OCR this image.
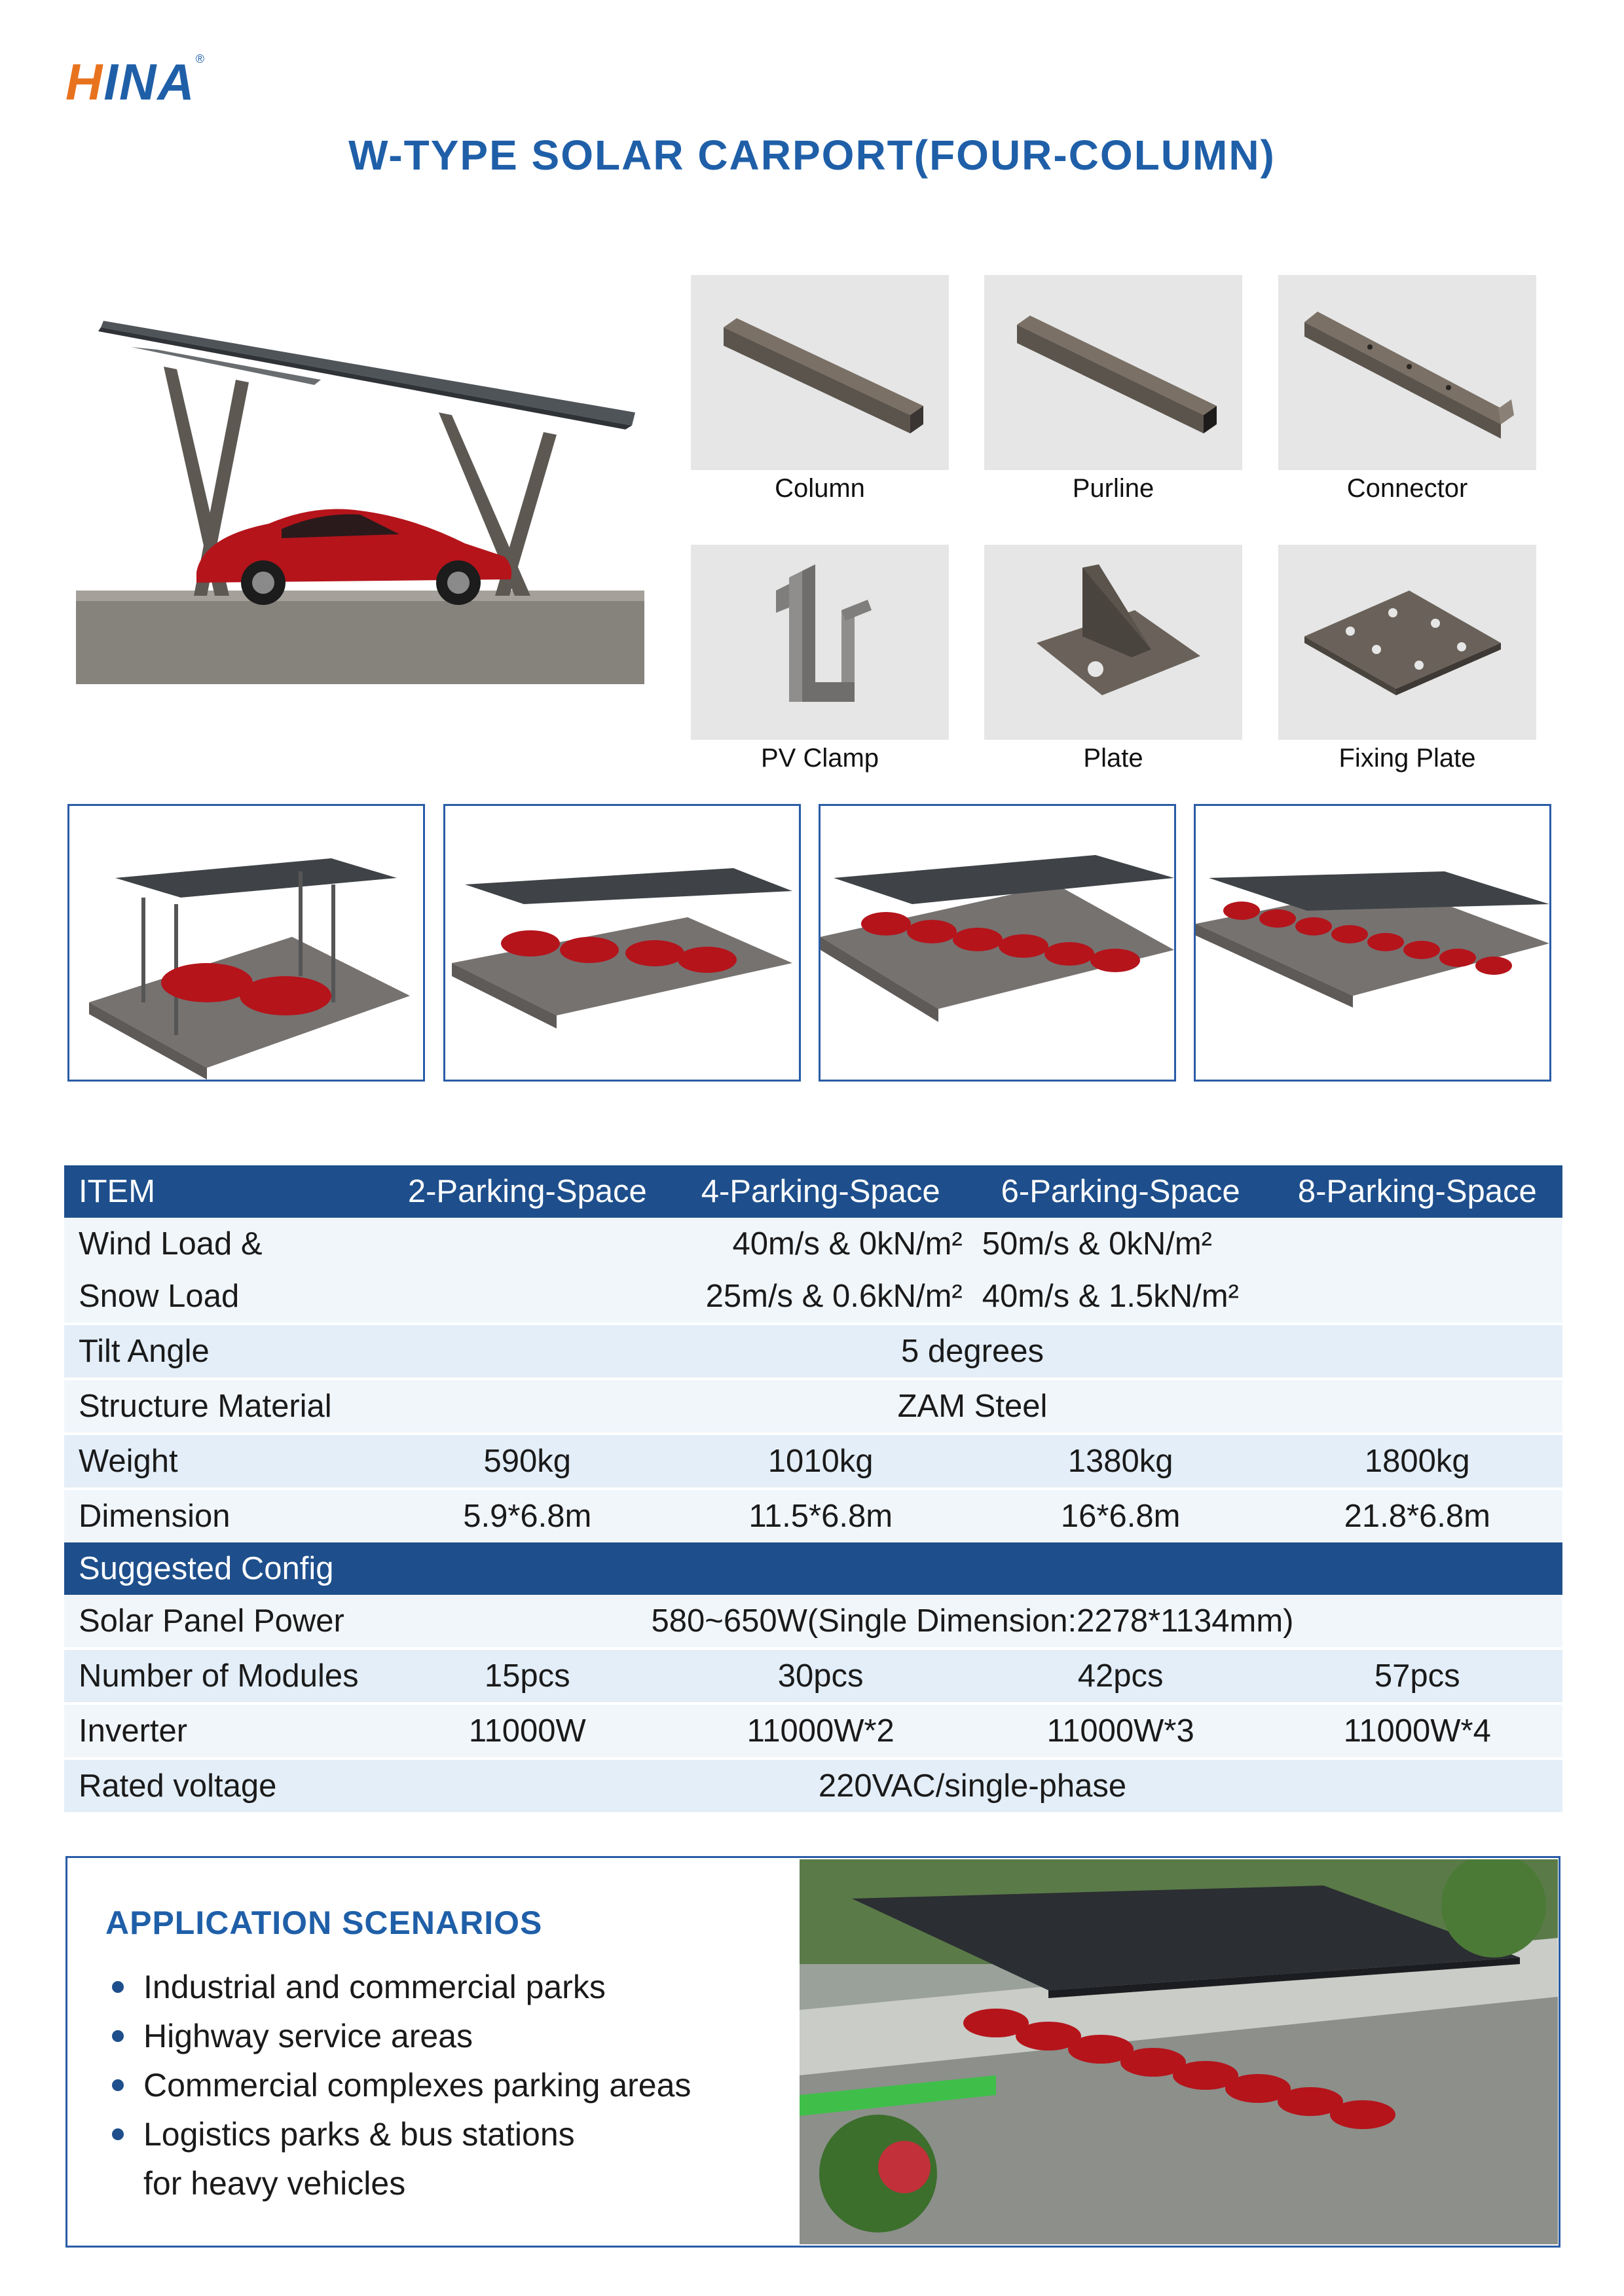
HINA®
W-TYPE SOLAR CARPORT(FOUR-COLUMN)
Column	Purline	Connector
PV Clamp	Plate	Fixing Plate
ITEM	2-Parking-Space	4-Parking-Space	6-Parking-Space	8-Parking-Space
Wind Load &		40m/s & 0kN/m²	50m/s & 0kN/m²	
Snow Load		25m/s & 0.6kN/m²	40m/s & 1.5kN/m²	
Tilt Angle	5 degrees			
Structure Material	ZAM Steel			
Weight	590kg	1010kg	1380kg	1800kg
Dimension	5.9*6.8m	11.5*6.8m	16*6.8m	21.8*6.8m
Suggested Config				
Solar Panel Power	580~650W(Single Dimension:2278*1134mm)			
Number of Modules	15pcs	30pcs	42pcs	57pcs
Inverter	11000W	11000W*2	11000W*3	11000W*4
Rated voltage	220VAC/single-phase			
APPLICATION SCENARIOS
Industrial and commercial parks
Highway service areas
Commercial complexes parking areas
Logistics parks & bus stations
for heavy vehicles
